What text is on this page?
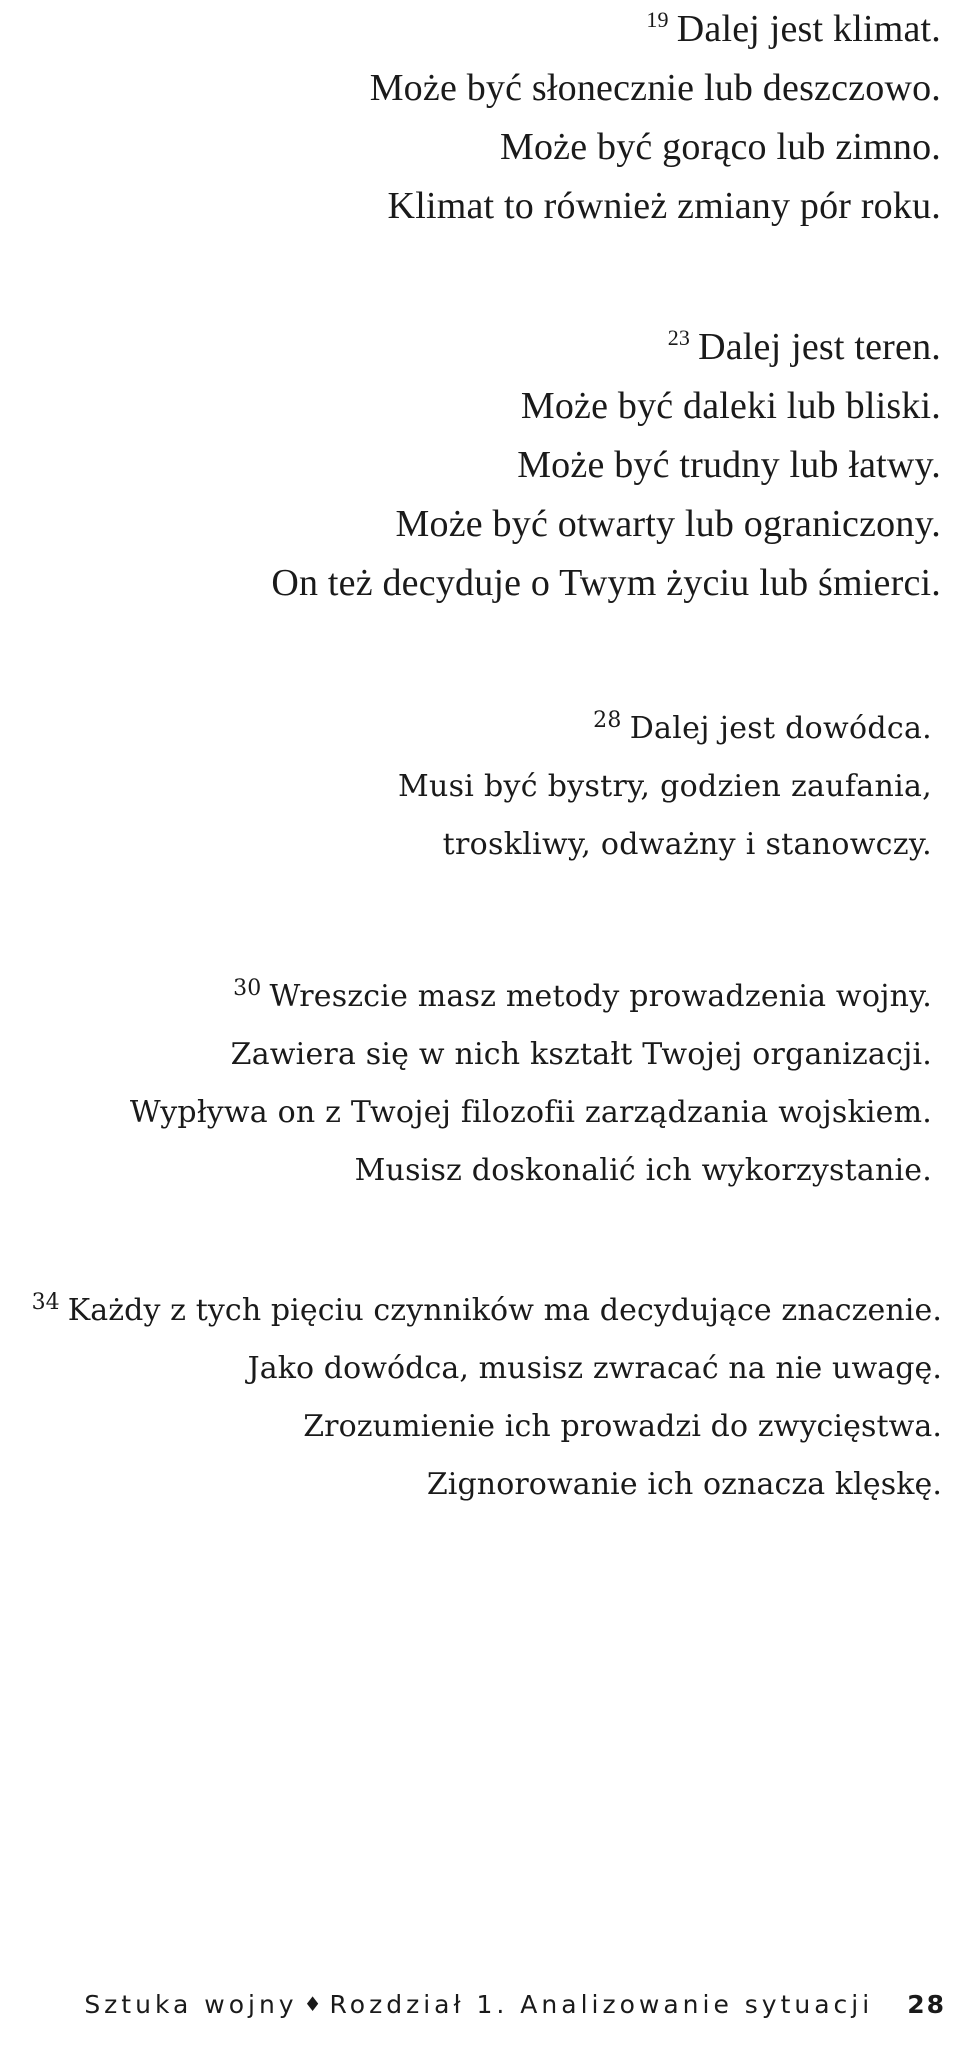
$^{19}$ Dalej jest klimat.
Może być słonecznie lub deszczowo.
Może być gorąco lub zimno.
Klimat to również zmiany pór roku.
$^{23}$ Dalej jest teren.
Może być daleki lub bliski.
Może być trudny lub łatwy.
Może być otwarty lub ograniczony.
On też decyduje o Twym życiu lub śmierci.
$^{28}$ Dalej jest dowódca.
Musi być bystry, godzien zaufania,
troskliwy, odważny i stanowczy.
$^{30}$ Wreszcie masz metody prowadzenia wojny.
Zawiera się w nich kształt Twojej organizacji.
Wypływa on z Twojej filozofii zarządzania wojskiem.
Musisz doskonalić ich wykorzystanie.
$^{34}$ Każdy z tych pięciu czynników ma decydujące znaczenie.
Jako dowódca, musisz zwracać na nie uwagę.
Zrozumienie ich prowadzi do zwycięstwa.
Zignorowanie ich oznacza klęskę.
Sztuka wojny ♦ Rozdział 1. Analizowanie sytuacji 28
